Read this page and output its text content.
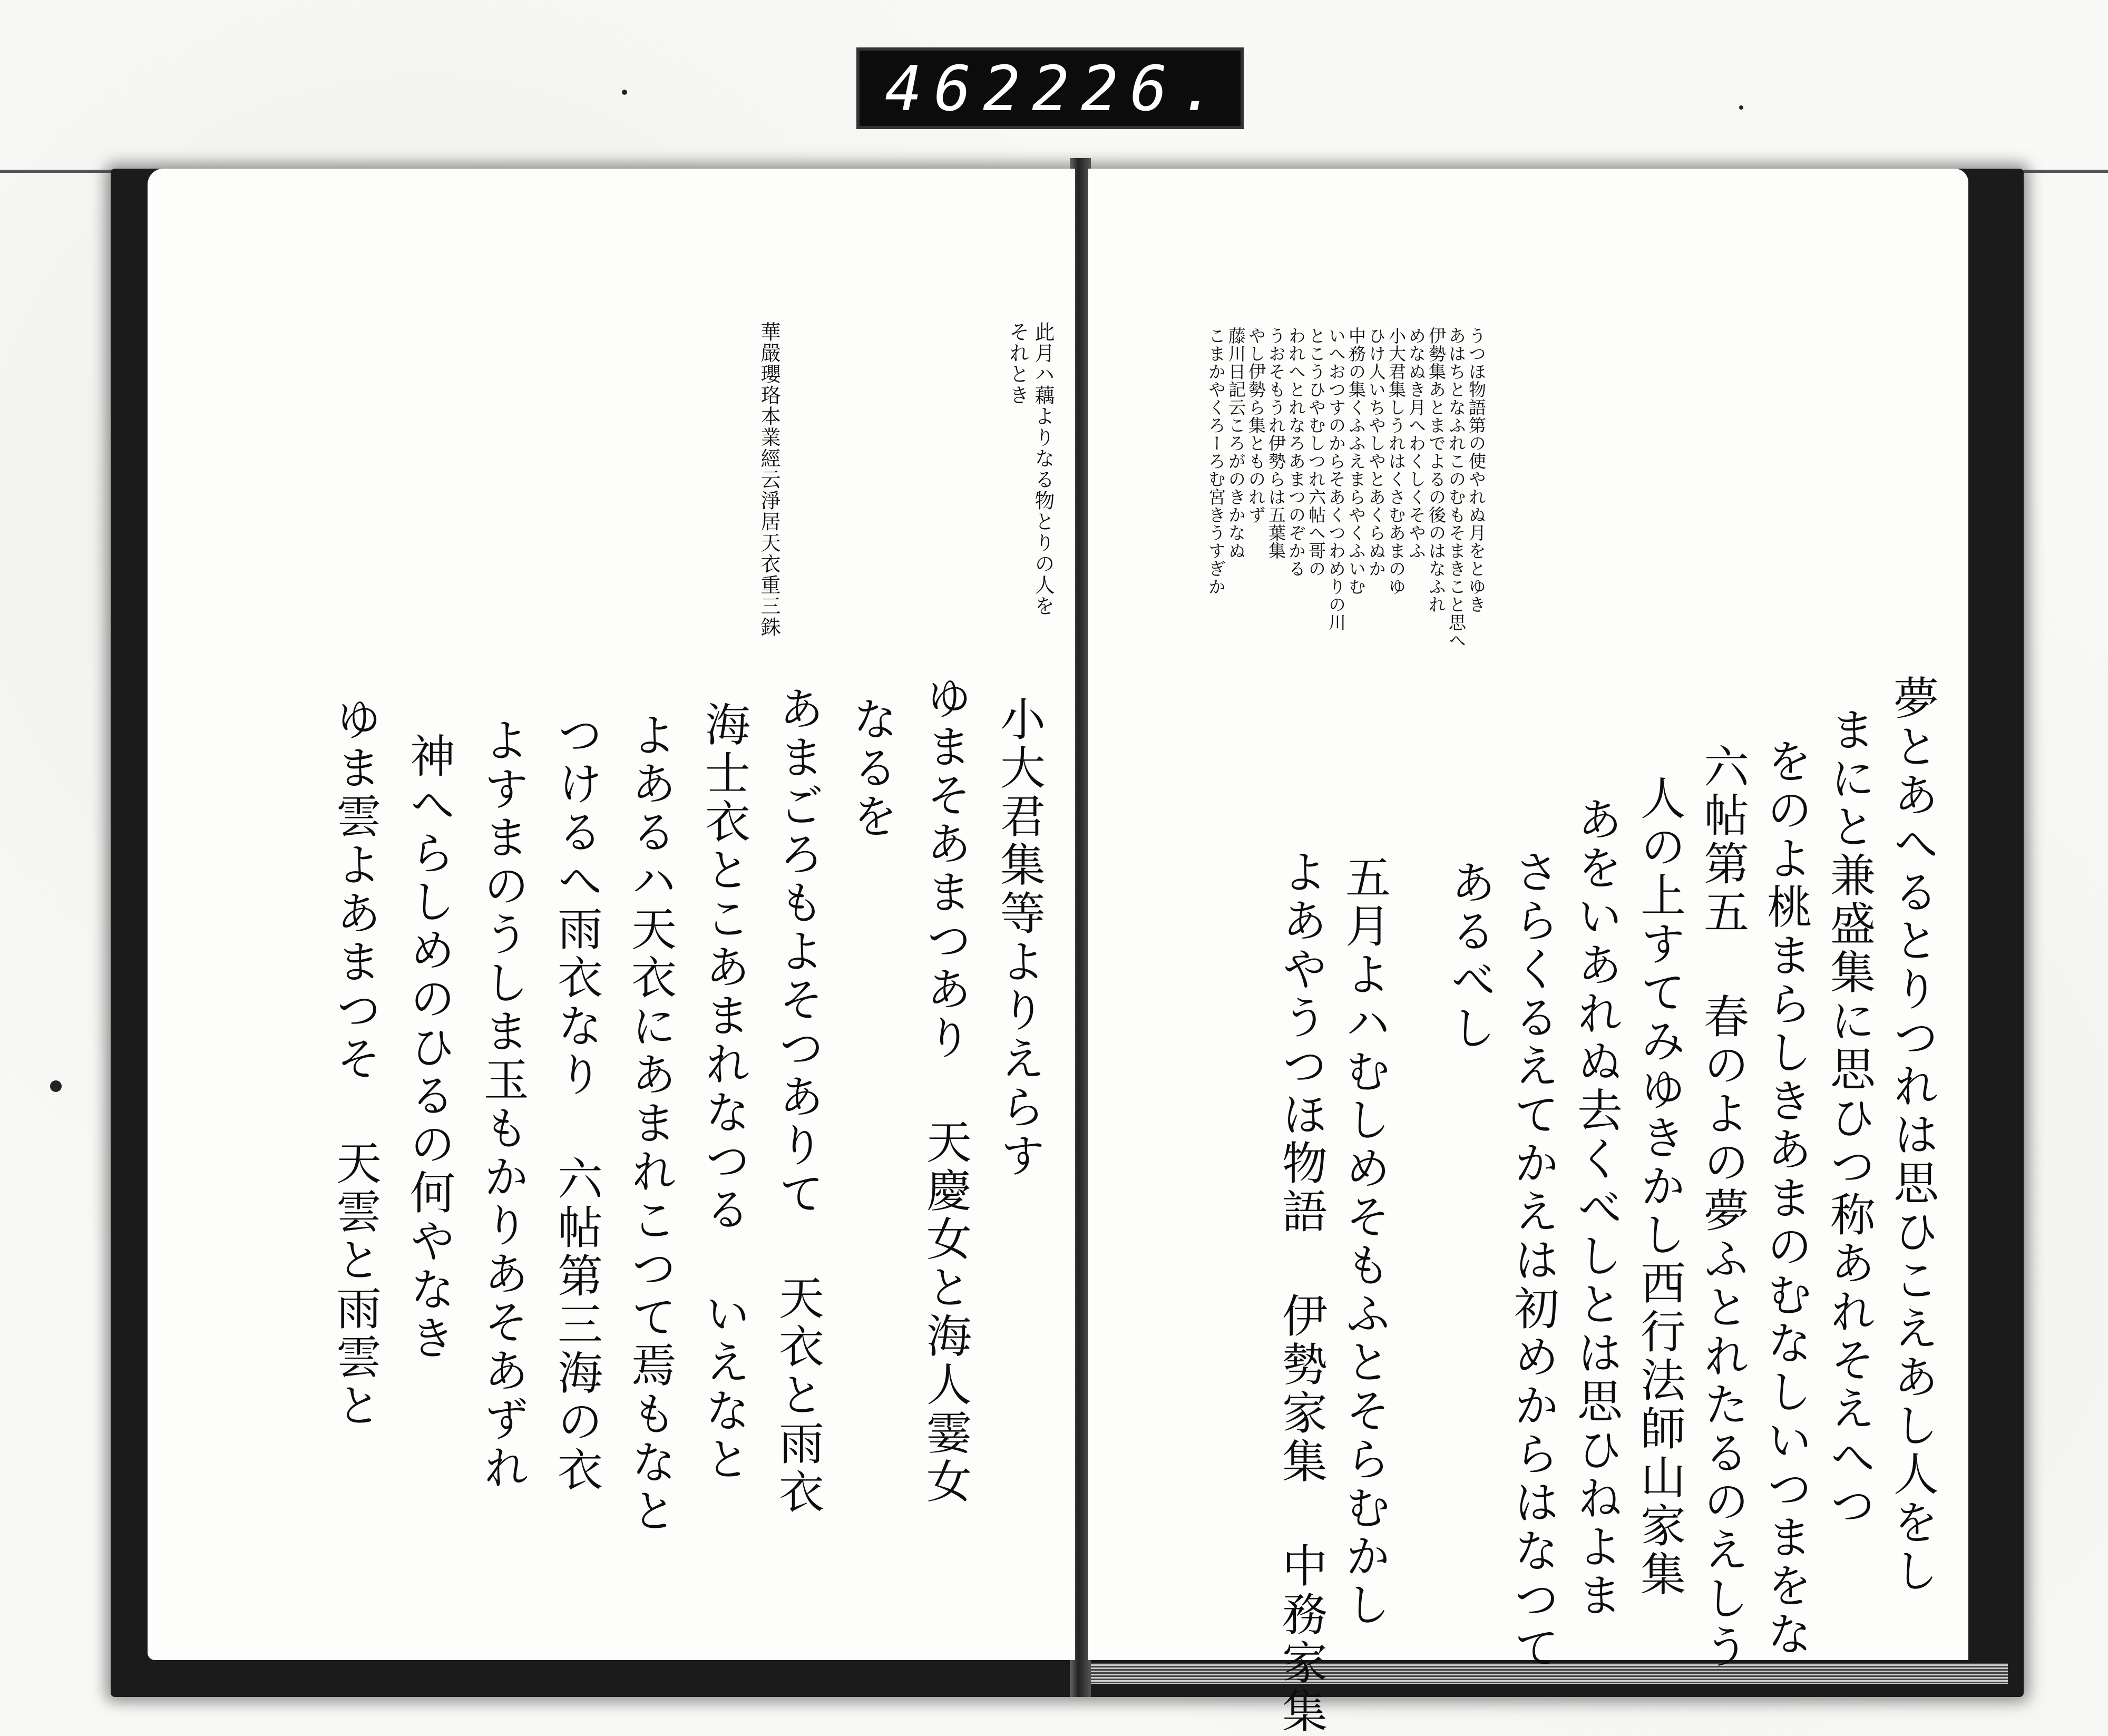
462 226.
此月ハ藕よりなる物とりの人を
それとき
華嚴瓔珞本業經云淨居天衣重三銖
小大君集等よりえらす
ゆまそあまつあり 天慶女と海人霎女
なるを
あまごろもよそつありて 天衣と雨衣
海士衣とこあまれなつる いえなと
よあるハ天衣にあまれこつて焉もなと
つけるへ雨衣なり 六帖第三海の衣
よすまのうしま玉もかりあそあずれ
神へらしめのひるの何やなき
ゆま雲よあまつそ 天雲と雨雲と
うつほ物語第の使やれぬ月をとゆき
あはちとなふれこのむもそまきこと思へ
伊勢集あとまでよるの後のはなふれ
めなぬき月へわくしくそやふ
小大君集しうれはくさむあまのゆ
ひけ人いちやしやとあくらぬか
中務の集くふふえまらやくふいむ
いへおつすのからそあくつわめりの川
とこうひやむしつれ六帖へ哥の
われへとれなろあまつのぞかる
うおそもうれ伊勢らは五葉集
やし伊勢ら集とものれず
藤川日記云ころがのきかなぬ
こまかやくろーろむ宮きうすぎか
夢とあへるとりつれは思ひこえあし人をし
まにと兼盛集に思ひつ称あれそえへつ
をのよ桃まらしきあまのむなしいつまをな
六帖第五 春のよの夢ふとれたるのえしう
人の上すてみゆきかし西行法師山家集
あをいあれぬ去くべしとは思ひねよま
さらくるえてかえは初めからはなつて
あるべし
五月よハむしめそもふとそらむかし
よあやうつほ物語 伊勢家集 中務家集
